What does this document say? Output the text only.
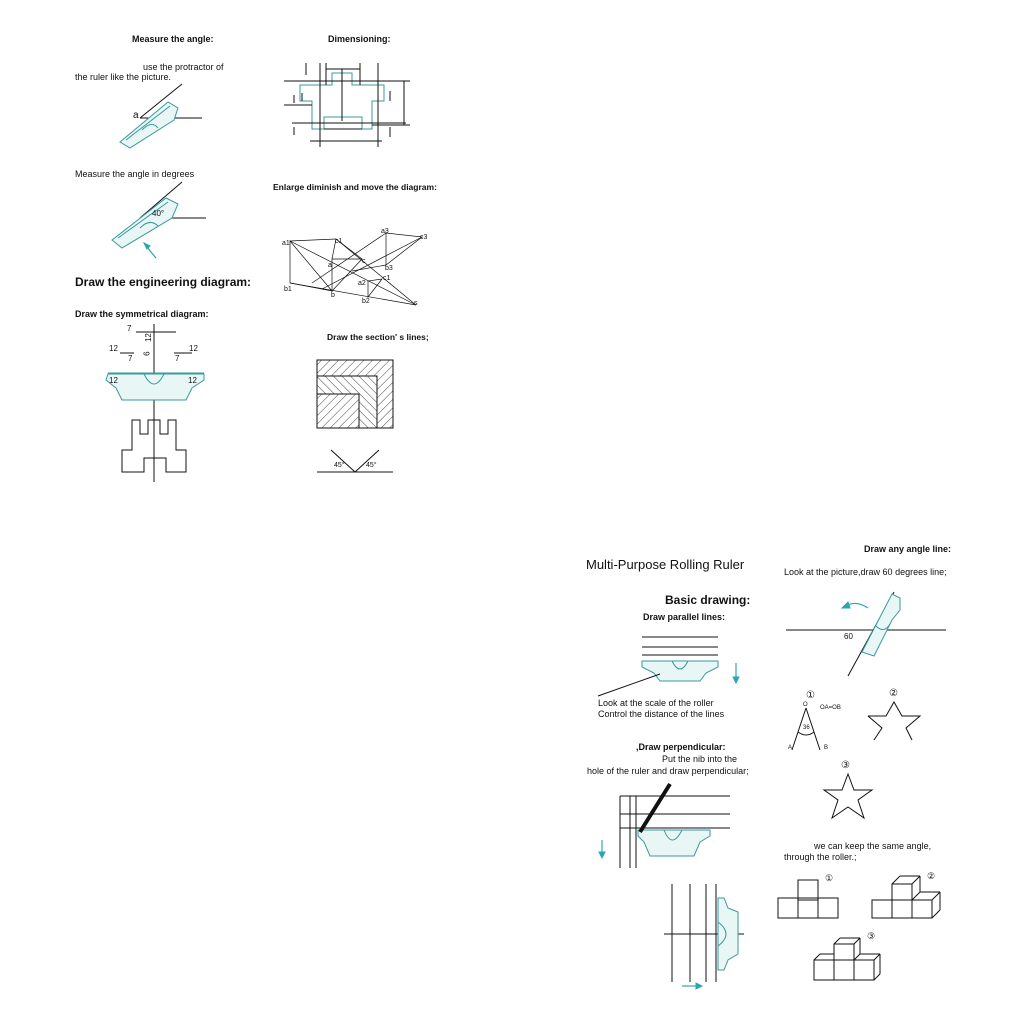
Measure the angle:
use the protractor of
the ruler like the picture.
a
Measure the angle in degrees
40°
Draw the engineering diagram:
Draw the symmetrical diagram:
7
12
7
12
6
12
7
12	12
Dimensioning:
Enlarge diminish and move the diagram:
a1
b1
c1
a
b
c
a2
b2
c1
a3
b3
c3
s
Draw the section' s lines;
45°	45°
Multi-Purpose Rolling Ruler
Basic drawing:
Draw parallel lines:
Look at the scale of the roller
Control the distance of the lines
,Draw perpendicular:
Put the nib into the
hole of the ruler and draw perpendicular;
Draw any angle line:
Look at the picture,draw 60 degrees line;
60
①	②
③
O OA=OB
36
A	B
we can keep the same angle,
through the roller.;
①	②
③
